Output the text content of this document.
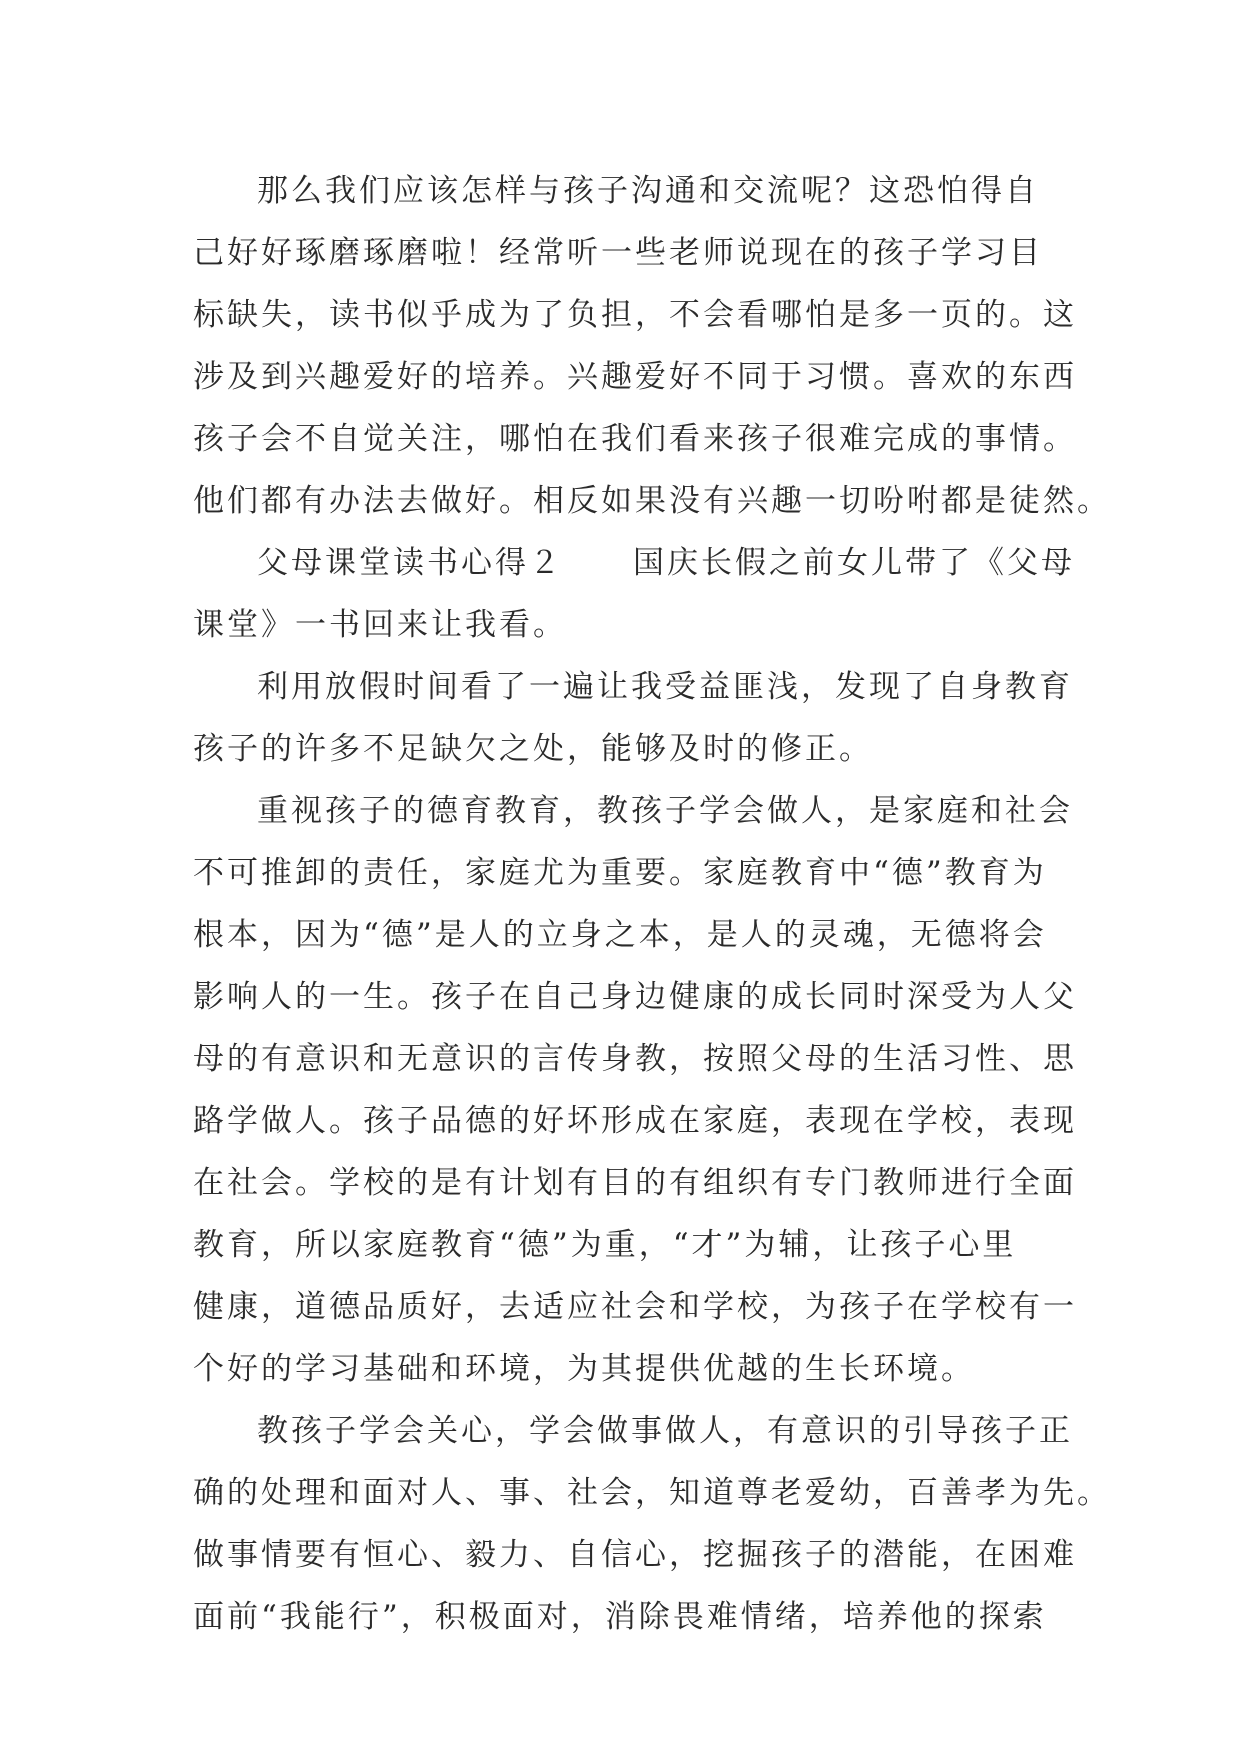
那么我们应该怎样与孩子沟通和交流呢？这恐怕得自
己好好琢磨琢磨啦！经常听一些老师说现在的孩子学习目
标缺失，读书似乎成为了负担，不会看哪怕是多一页的。这
涉及到兴趣爱好的培养。兴趣爱好不同于习惯。喜欢的东西
孩子会不自觉关注，哪怕在我们看来孩子很难完成的事情。
他们都有办法去做好。相反如果没有兴趣一切吩咐都是徒然。
父母课堂读书心得２ 国庆长假之前女儿带了《父母
课堂》一书回来让我看。
利用放假时间看了一遍让我受益匪浅，发现了自身教育
孩子的许多不足缺欠之处，能够及时的修正。
重视孩子的德育教育，教孩子学会做人，是家庭和社会
不可推卸的责任，家庭尤为重要。家庭教育中“德”教育为
根本，因为“德”是人的立身之本，是人的灵魂，无德将会
影响人的一生。孩子在自己身边健康的成长同时深受为人父
母的有意识和无意识的言传身教，按照父母的生活习性、思
路学做人。孩子品德的好坏形成在家庭，表现在学校，表现
在社会。学校的是有计划有目的有组织有专门教师进行全面
教育，所以家庭教育“德”为重，“才”为辅，让孩子心里
健康，道德品质好，去适应社会和学校，为孩子在学校有一
个好的学习基础和环境，为其提供优越的生长环境。
教孩子学会关心，学会做事做人，有意识的引导孩子正
确的处理和面对人、事、社会，知道尊老爱幼，百善孝为先。
做事情要有恒心、毅力、自信心，挖掘孩子的潜能，在困难
面前“我能行”，积极面对，消除畏难情绪，培养他的探索
